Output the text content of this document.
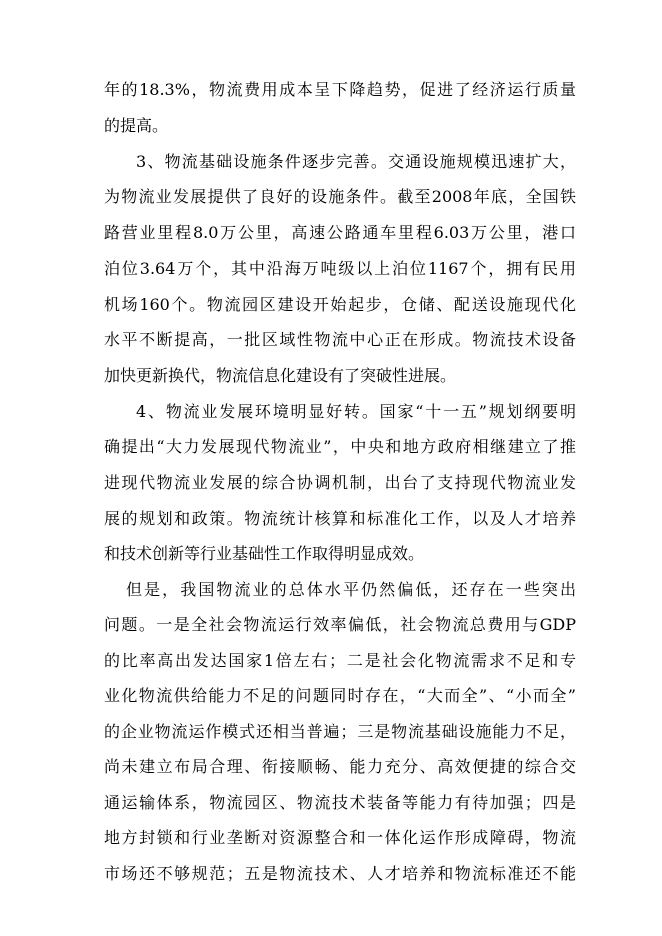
年的18.3%，物流费用成本呈下降趋势，促进了经济运行质量
的提高。
3、物流基础设施条件逐步完善。交通设施规模迅速扩大，
为物流业发展提供了良好的设施条件。截至2008年底，全国铁
路营业里程8.0万公里，高速公路通车里程6.03万公里，港口
泊位3.64万个，其中沿海万吨级以上泊位1167个，拥有民用
机场160个。物流园区建设开始起步，仓储、配送设施现代化
水平不断提高，一批区域性物流中心正在形成。物流技术设备
加快更新换代，物流信息化建设有了突破性进展。
4、物流业发展环境明显好转。国家“十一五”规划纲要明
确提出“大力发展现代物流业”，中央和地方政府相继建立了推
进现代物流业发展的综合协调机制，出台了支持现代物流业发
展的规划和政策。物流统计核算和标准化工作，以及人才培养
和技术创新等行业基础性工作取得明显成效。
但是，我国物流业的总体水平仍然偏低，还存在一些突出
问题。一是全社会物流运行效率偏低，社会物流总费用与GDP
的比率高出发达国家1倍左右；二是社会化物流需求不足和专
业化物流供给能力不足的问题同时存在，“大而全”、“小而全”
的企业物流运作模式还相当普遍；三是物流基础设施能力不足，
尚未建立布局合理、衔接顺畅、能力充分、高效便捷的综合交
通运输体系，物流园区、物流技术装备等能力有待加强；四是
地方封锁和行业垄断对资源整合和一体化运作形成障碍，物流
市场还不够规范；五是物流技术、人才培养和物流标准还不能
